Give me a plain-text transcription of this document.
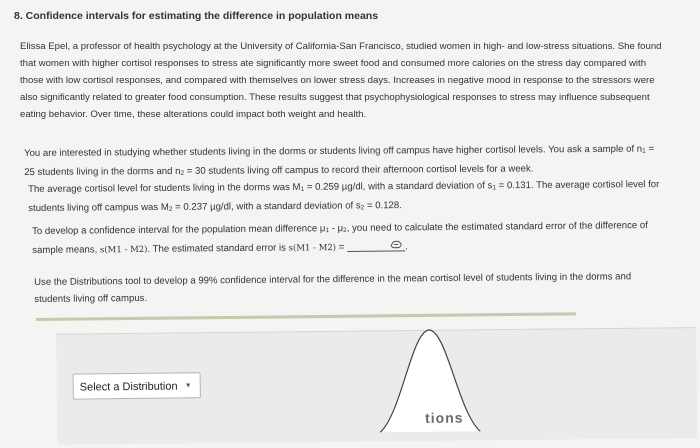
8. Confidence intervals for estimating the difference in population means
Elissa Epel, a professor of health psychology at the University of California-San Francisco, studied women in high- and low-stress situations. She found
that women with higher cortisol responses to stress ate significantly more sweet food and consumed more calories on the stress day compared with
those with low cortisol responses, and compared with themselves on lower stress days. Increases in negative mood in response to the stressors were
also significantly related to greater food consumption. These results suggest that psychophysiological responses to stress may influence subsequent
eating behavior. Over time, these alterations could impact both weight and health.
You are interested in studying whether students living in the dorms or students living off campus have higher cortisol levels. You ask a sample of $n_1$ =
25 students living in the dorms and $n_2 = 30$ students living off campus to record their afternoon cortisol levels for a week.
The average cortisol level for students living in the dorms was $M_1 = 0.259$ µg/dl, with a standard deviation of $s_1 = 0.131$. The average cortisol level for
students living off campus was $M_2 = 0.237$ µg/dl, with a standard deviation of $s_2 = 0.128$.
To develop a confidence interval for the population mean difference $\mu_1 - \mu_2$, you need to calculate the estimated standard error of the difference of
sample means, s(M1 - M2). The estimated standard error is s(M1 - M2) =	.
Use the Distributions tool to develop a 99% confidence interval for the difference in the mean cortisol level of students living in the dorms and
students living off campus.
Select a Distribution ▼
tions
